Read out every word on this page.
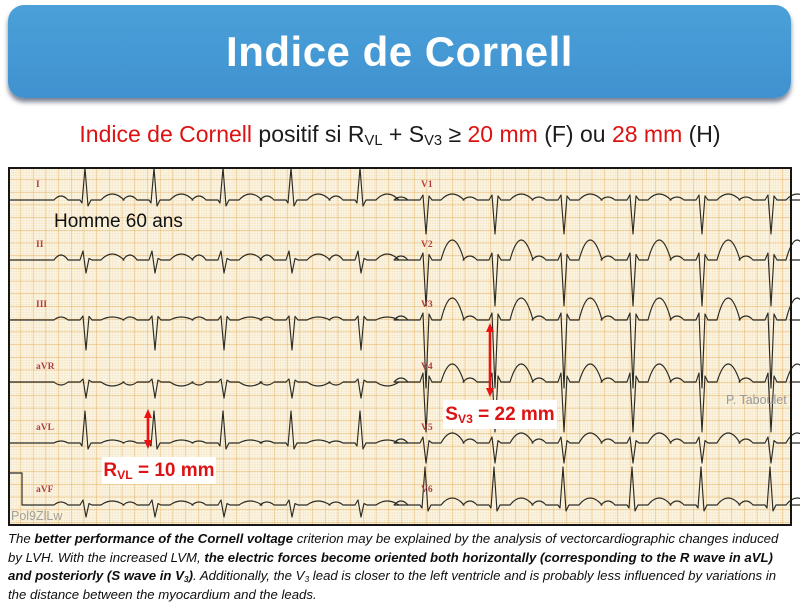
Indice de Cornell
Indice de Cornell positif si RVL + SV3 ≥ 20 mm (F) ou 28 mm (H)
I	V1
II	V2
III	V3
aVR	V4
aVL	V5
aVF	V6
Homme 60 ans
RVL = 10 mm
SV3 = 22 mm
P. Taboulet
Pol9ZlLw
The better performance of the Cornell voltage criterion may be explained by the analysis of vectorcardiographic changes induced by LVH. With the increased LVM, the electric forces become oriented both horizontally (corresponding to the R wave in aVL) and posteriorly (S wave in V3). Additionally, the V3 lead is closer to the left ventricle and is probably less influenced by variations in the distance between the myocardium and the leads.
